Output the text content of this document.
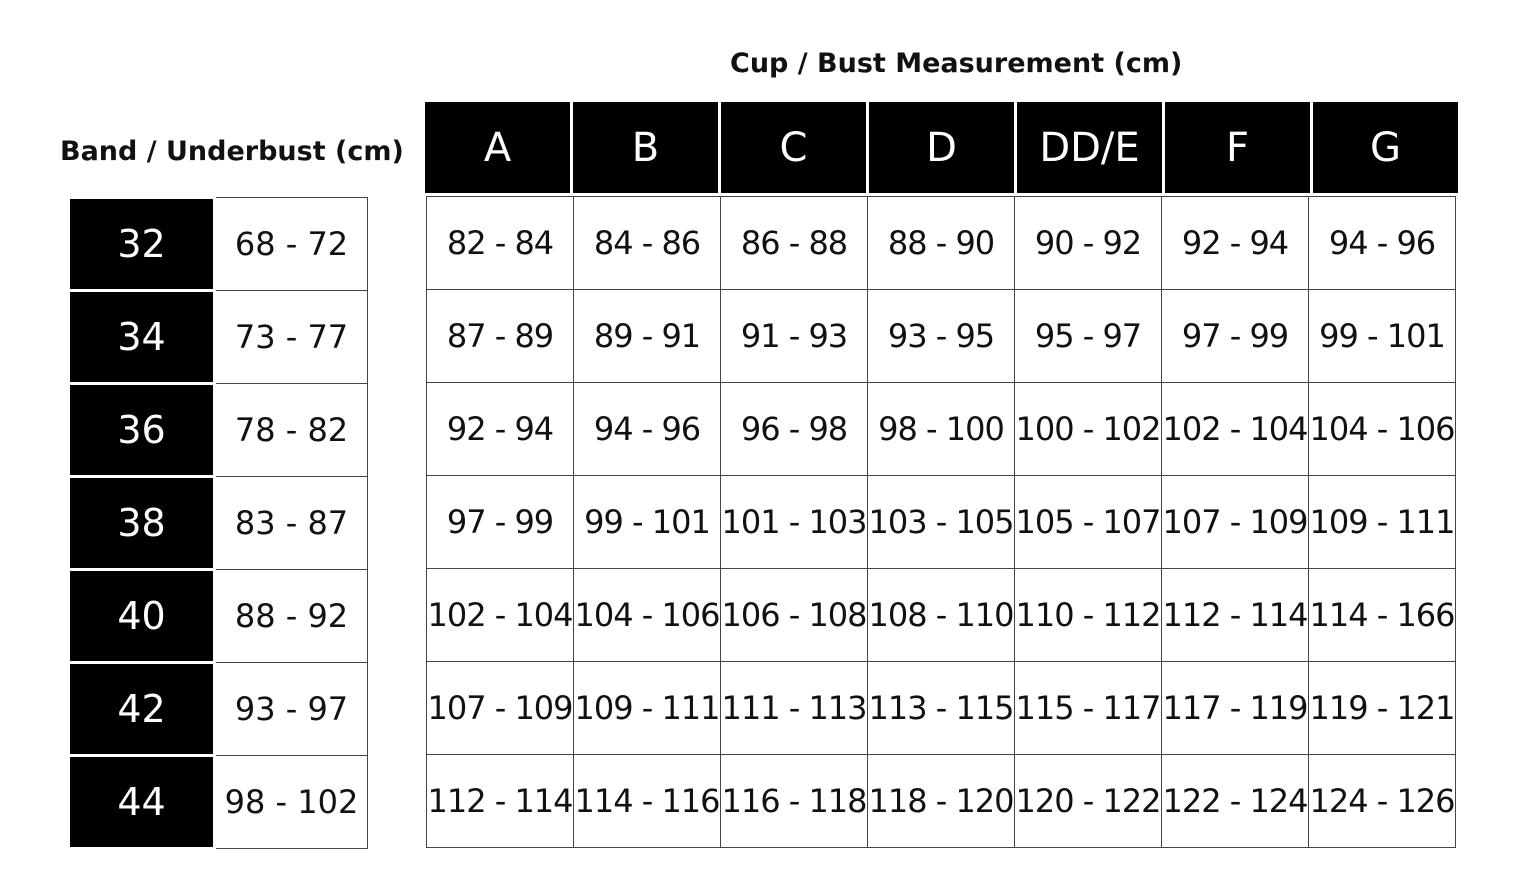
Cup / Bust Measurement (cm)
Band / Underbust (cm)
32	68 - 72
34	73 - 77
36	78 - 82
38	83 - 87
40	88 - 92
42	93 - 97
44	98 - 102
A	B	C	D	DD/E	F	G
82 - 84	84 - 86	86 - 88	88 - 90	90 - 92	92 - 94	94 - 96
87 - 89	89 - 91	91 - 93	93 - 95	95 - 97	97 - 99	99 - 101
92 - 94	94 - 96	96 - 98	98 - 100	100 - 102	102 - 104	104 - 106
97 - 99	99 - 101	101 - 103	103 - 105	105 - 107	107 - 109	109 - 111
102 - 104	104 - 106	106 - 108	108 - 110	110 - 112	112 - 114	114 - 166
107 - 109	109 - 111	111 - 113	113 - 115	115 - 117	117 - 119	119 - 121
112 - 114	114 - 116	116 - 118	118 - 120	120 - 122	122 - 124	124 - 126
